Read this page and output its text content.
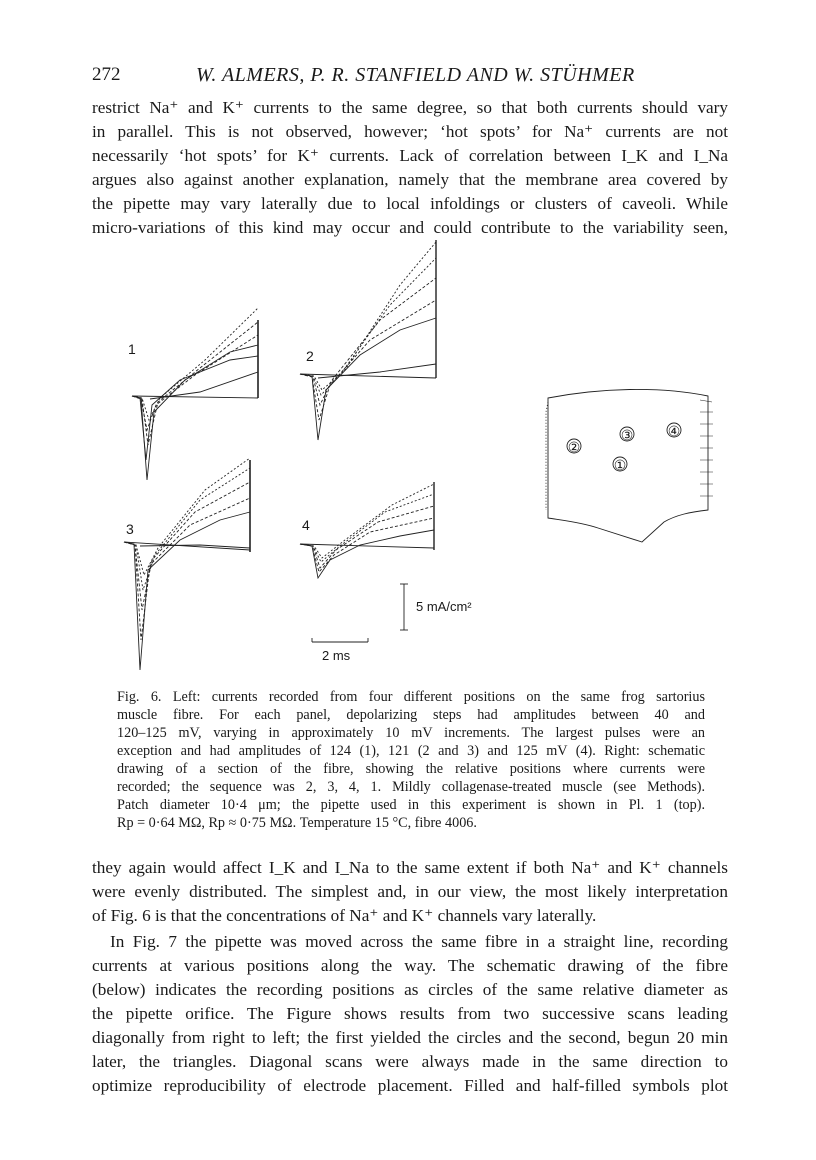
272	W. ALMERS, P. R. STANFIELD AND W. STÜHMER
restrict Na⁺ and K⁺ currents to the same degree, so that both currents should vary
in parallel. This is not observed, however; ‘hot spots’ for Na⁺ currents are not
necessarily ‘hot spots’ for K⁺ currents. Lack of correlation between I_K and I_Na
argues also against another explanation, namely that the membrane area covered by
the pipette may vary laterally due to local infoldings or clusters of caveoli. While
micro-variations of this kind may occur and could contribute to the variability seen,
1	2
3	4
5 mA/cm²
2 ms
①
②
③ ④
Fig. 6. Left: currents recorded from four different positions on the same frog sartorius
muscle fibre. For each panel, depolarizing steps had amplitudes between 40 and
120–125 mV, varying in approximately 10 mV increments. The largest pulses were an
exception and had amplitudes of 124 (1), 121 (2 and 3) and 125 mV (4). Right: schematic
drawing of a section of the fibre, showing the relative positions where currents were
recorded; the sequence was 2, 3, 4, 1. Mildly collagenase-treated muscle (see Methods).
Patch diameter 10·4 μm; the pipette used in this experiment is shown in Pl. 1 (top).
Rp = 0·64 MΩ, Rp ≈ 0·75 MΩ. Temperature 15 °C, fibre 4006.
they again would affect I_K and I_Na to the same extent if both Na⁺ and K⁺ channels
were evenly distributed. The simplest and, in our view, the most likely interpretation
of Fig. 6 is that the concentrations of Na⁺ and K⁺ channels vary laterally.
In Fig. 7 the pipette was moved across the same fibre in a straight line, recording
currents at various positions along the way. The schematic drawing of the fibre
(below) indicates the recording positions as circles of the same relative diameter as
the pipette orifice. The Figure shows results from two successive scans leading
diagonally from right to left; the first yielded the circles and the second, begun 20 min
later, the triangles. Diagonal scans were always made in the same direction to
optimize reproducibility of electrode placement. Filled and half-filled symbols plot
